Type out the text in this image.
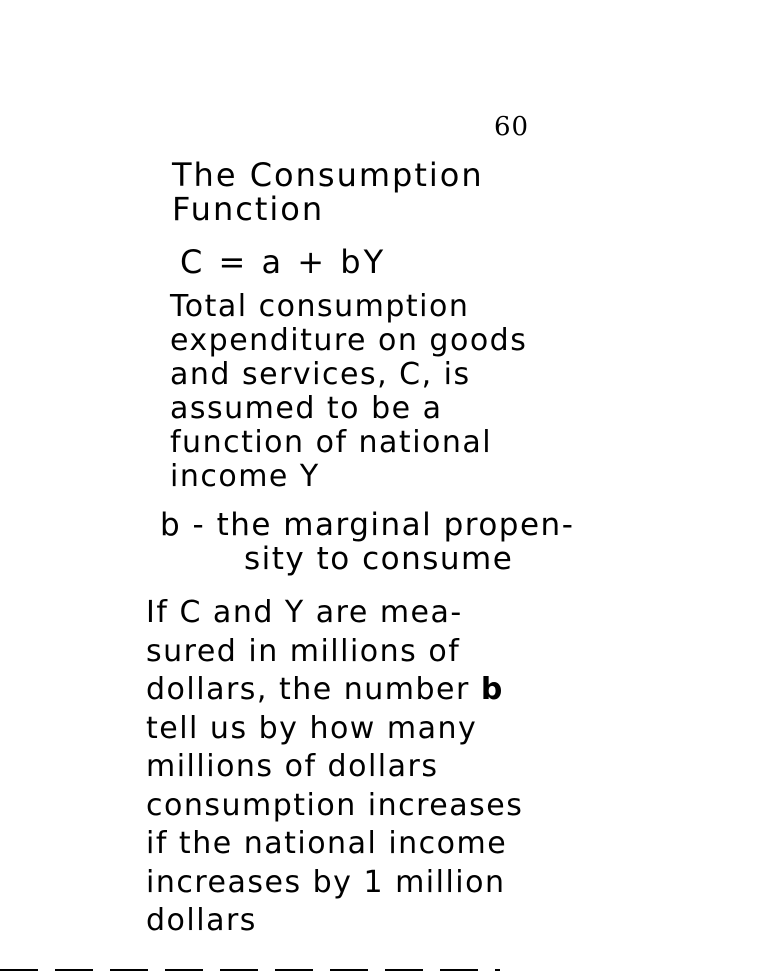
60
The Consumption
Function
C = a + bY
Total consumption
expenditure on goods
and services, C, is
assumed to be a
function of national
income Y
b - the marginal propen-
sity to consume
If C and Y are mea-
sured in millions of
dollars, the number b
tell us by how many
millions of dollars
consumption increases
if the national income
increases by 1 million
dollars
